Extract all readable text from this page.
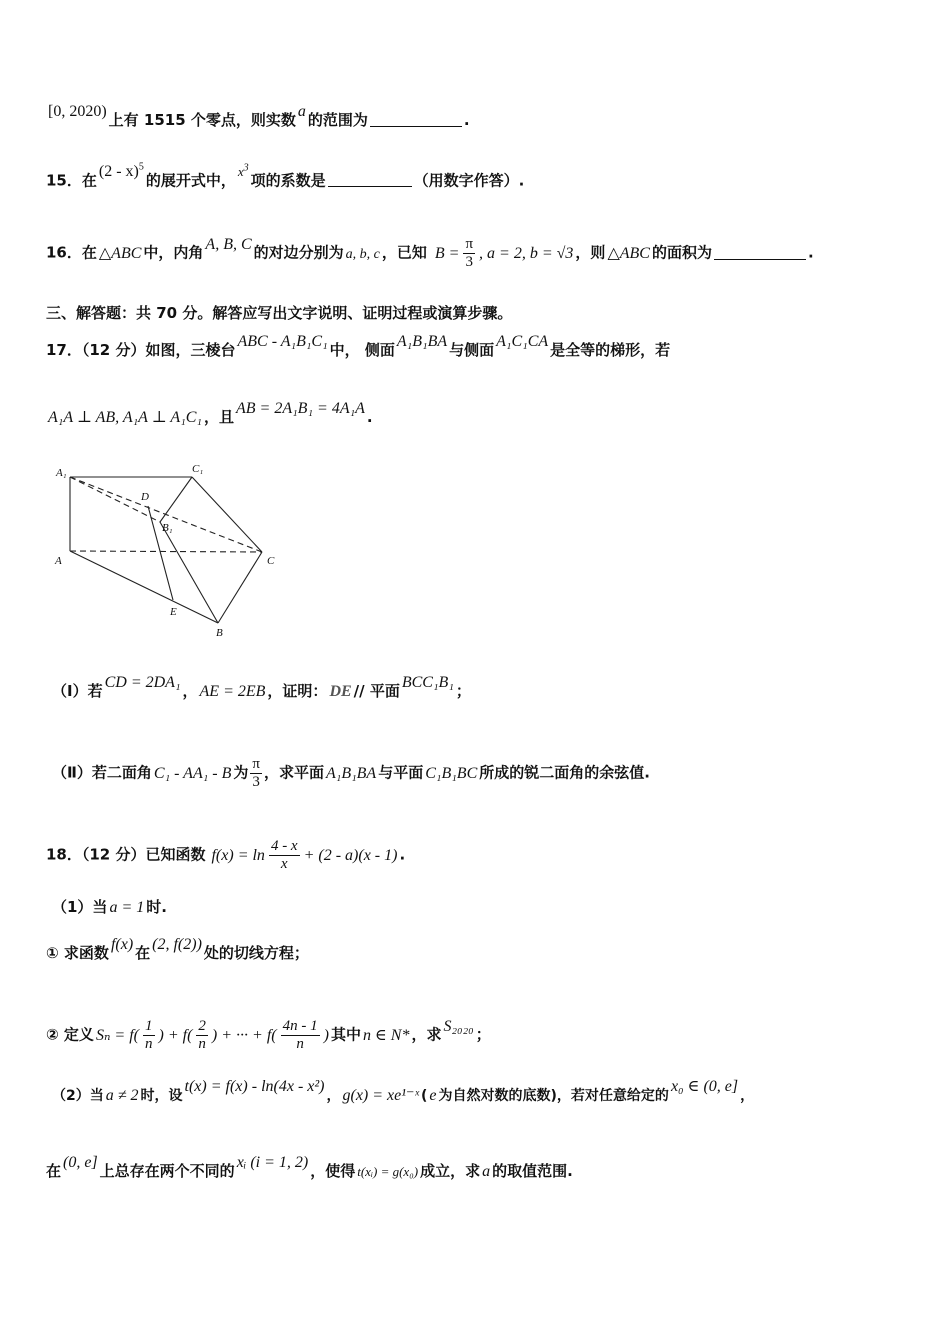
[0, 2020) 上有 1515 个零点，则实数 a 的范围为	.
15．在 (2 - x)$^5$的展开式中， $x^3$项的系数是	（用数字作答）.
16．在 △ABC 中，内角 A, B, C 的对边分别为 a, b, c ，已知 $B = \frac{\pi}{3}$ , a = 2, b = √3 ，则 △ABC 的面积为	.
三、解答题：共 70 分。解答应写出文字说明、证明过程或演算步骤。
17．（12 分）如图，三棱台 ABC - A₁B₁C₁ 中， 侧面 A₁B₁BA 与侧面 A₁C₁CA 是全等的梯形，若
A₁A ⊥ AB, A₁A ⊥ A₁C₁ ，且 AB = 2A₁B₁ = 4A₁A .
A₁	C₁
D
B₁
A	C
E
B
（Ⅰ）若 CD = 2DA₁ ， AE = 2EB ，证明： DE // 平面 BCC₁B₁ ；
（Ⅱ）若二面角 C₁ - AA₁ - B 为 $\frac{\pi}{3}$ ，求平面 A₁B₁BA 与平面 C₁B₁BC 所成的锐二面角的余弦值.
18．（12 分）已知函数 $f(x) = \ln \frac{4 - x}{x} + (2 - a)(x - 1)$ .
（1）当 a = 1 时.
① 求函数 f(x) 在 (2, f(2)) 处的切线方程；
② 定义 $S_n = f( \frac{1}{n}$ ) + $f( \frac{2}{n}$ ) + ··· + $f( \frac{4n - 1}{n}$ ) 其中 n ∈ N* ，求 S₂₀₂₀ ；
（2）当 a ≠ 2 时，设t(x) = f(x) - ln(4x - x²)， g(x) = xe¹⁻ˣ ( e 为自然对数的底数)，若对任意给定的x₀ ∈ (0, e]，
在 (0, e] 上总存在两个不同的 xᵢ (i = 1, 2) ，使得 t(xᵢ) = g(x₀) 成立，求 a 的取值范围.
